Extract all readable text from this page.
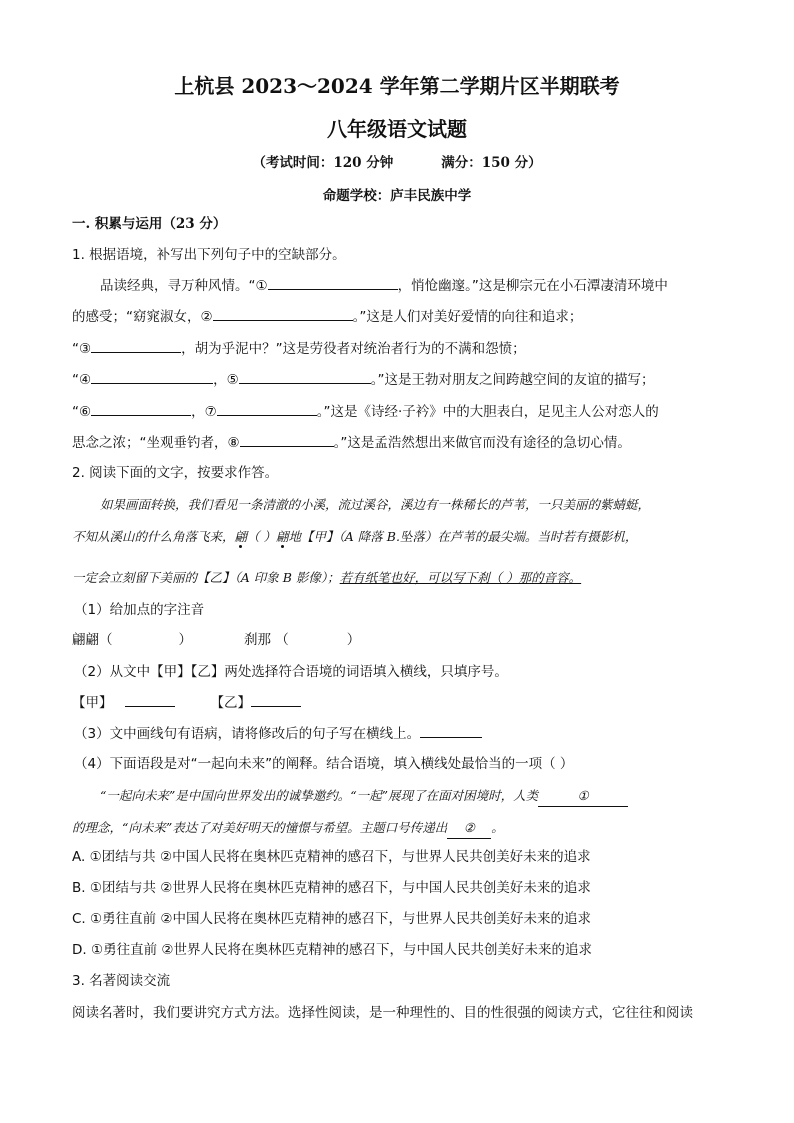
上杭县 2023～2024 学年第二学期片区半期联考
八年级语文试题
（考试时间：120 分钟	满分：150 分）
命题学校：庐丰民族中学
一. 积累与运用（23 分）
1. 根据语境，补写出下列句子中的空缺部分。
品读经典，寻万种风情。“①	，悄怆幽邃。”这是柳宗元在小石潭凄清环境中
的感受；“窈窕淑女，②	。”这是人们对美好爱情的向往和追求；
“③	，胡为乎泥中？”这是劳役者对统治者行为的不满和怨愤；
“④	，⑤	。”这是王勃对朋友之间跨越空间的友谊的描写；
“⑥	，⑦	。”这是《诗经·子衿》中的大胆表白，足见主人公对恋人的
思念之浓；“坐观垂钓者，⑧	。”这是孟浩然想出来做官而没有途径的急切心情。
2. 阅读下面的文字，按要求作答。
如果画面转换，我们看见一条清澈的小溪，流过溪谷，溪边有一株稀长的芦苇，一只美丽的紫蜻蜓，
不知从溪山的什么角落飞来，翩（ ）翩地【甲】（A 降落 B.坠落）在芦苇的最尖端。当时若有摄影机，
一定会立刻留下美丽的【乙】（A 印象 B 影像）；若有纸笔也好，可以写下刹（ ）那的音容。
（1）给加点的字注音
翩翩（	）	刹那 （	）
（2）从文中【甲】【乙】两处选择符合语境的词语填入横线，只填序号。
【甲】	【乙】
（3）文中画线句有语病，请将修改后的句子写在横线上。
（4）下面语段是对“一起向未来”的阐释。结合语境，填入横线处最恰当的一项（ ）
“一起向未来”是中国向世界发出的诚挚邀约。“一起”展现了在面对困境时，人类	①
的理念，“向未来”表达了对美好明天的憧憬与希望。主题口号传递出 ② 。
A. ①团结与共 ②中国人民将在奥林匹克精神的感召下，与世界人民共创美好未来的追求
B. ①团结与共 ②世界人民将在奥林匹克精神的感召下，与中国人民共创美好未来的追求
C. ①勇往直前 ②中国人民将在奥林匹克精神的感召下，与世界人民共创美好未来的追求
D. ①勇往直前 ②世界人民将在奥林匹克精神的感召下，与中国人民共创美好未来的追求
3. 名著阅读交流
阅读名著时，我们要讲究方式方法。选择性阅读，是一种理性的、目的性很强的阅读方式，它往往和阅读
